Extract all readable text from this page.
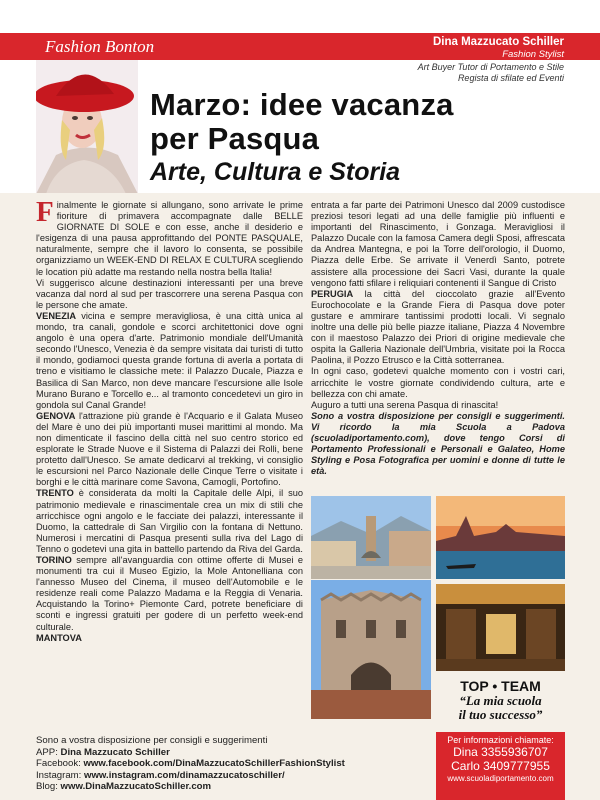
Fashion Bonton	Dina Mazzucato Schiller
Fashion Stylist
Art Buyer Tutor di Portamento e Stile
Regista di sfilate ed Eventi
Marzo: idee vacanza
per Pasqua
Arte, Cultura e Storia

Finalmente le giornate si allungano, sono arrivate le prime fioriture di primavera accompagnate dalle BELLE GIORNATE DI SOLE e con esse, anche il desiderio e l'esigenza di una pausa approfittando del PONTE PASQUALE, naturalmente, sempre che il lavoro lo consenta, se possibile organizziamo un WEEK-END DI RELAX E CULTURA scegliendo le location più adatte ma restando nella nostra bella Italia!

Vi suggerisco alcune destinazioni interessanti per una breve vacanza dal nord al sud per trascorrere una serena Pasqua con le persone che amate.

VENEZIA vicina e sempre meravigliosa, è una città unica al mondo, tra canali, gondole e scorci architettonici dove ogni angolo è una opera d'arte. Patrimonio mondiale dell'Umanità secondo l'Unesco, Venezia è da sempre visitata dai turisti di tutto il mondo, godiamoci questa grande fortuna di averla a portata di treno e visitiamo le classiche mete: il Palazzo Ducale, Piazza e Basilica di San Marco, non deve mancare l'escursione alle Isole Murano Burano e Torcello e... al tramonto concedetevi un giro in gondola sul Canal Grande!

GENOVA l'attrazione più grande è l'Acquario e il Galata Museo del Mare è uno dei più importanti musei marittimi al mondo. Ma non dimenticate il fascino della città nel suo centro storico ed esplorate le Strade Nuove e il Sistema di Palazzi dei Rolli, bene protetto dall'Unesco. Se amate dedicarvi al trekking, vi consiglio le escursioni nel Parco Nazionale delle Cinque Terre o visitate i borghi e le città marinare come Savona, Camogli, Portofino.

TRENTO è considerata da molti la Capitale delle Alpi, il suo patrimonio medievale e rinascimentale crea un mix di stili che arricchisce ogni angolo e le facciate dei palazzi, interessante il Duomo, la cattedrale di San Virgilio con la fontana di Nettuno. Numerosi i mercatini di Pasqua presenti sulla riva del Lago di Tenno o godetevi una gita in battello partendo da Riva del Garda.

TORINO sempre all'avanguardia con ottime offerte di Musei e monumenti tra cui il Museo Egizio, la Mole Antonelliana con l'annesso Museo del Cinema, il museo dell'Automobile e le residenze reali come Palazzo Madama e la Reggia di Venaria. Acquistando la Torino+ Piemonte Card, potrete beneficiare di sconti e ingressi gratuiti per godere di un perfetto week-end culturale.

MANTOVA

entrata a far parte dei Patrimoni Unesco dal 2009 custodisce preziosi tesori legati ad una delle famiglie più influenti e importanti del Rinascimento, i Gonzaga. Meravigliosi il Palazzo Ducale con la famosa Camera degli Sposi, affrescata da Andrea Mantegna, e poi la Torre dell'orologio, il Duomo, Piazza delle Erbe. Se arrivate il Venerdì Santo, potrete assistere alla processione dei Sacri Vasi, durante la quale vengono fatti sfilare i reliquiari contenenti il Sangue di Cristo

PERUGIA la città del cioccolato grazie all'Evento Eurochocolate e la Grande Fiera di Pasqua dove poter gustare e ammirare tantissimi prodotti locali. Vi segnalo inoltre una delle più belle piazze italiane, Piazza 4 Novembre con il maestoso Palazzo dei Priori di origine medievale che ospita la Galleria Nazionale dell'Umbria, visitate poi la Rocca Paolina, il Pozzo Etrusco e la Città sotterranea.

In ogni caso, godetevi qualche momento con i vostri cari, arricchite le vostre giornate condividendo cultura, arte e bellezza con chi amate.

Auguro a tutti una serena Pasqua di rinascita!

Sono a vostra disposizione per consigli e suggerimenti. Vi ricordo la mia Scuola a Padova (scuoladiportamento.com), dove tengo Corsi di Portamento Professionali e Personali e Galateo, Home Styling e Posa Fotografica per uomini e donne di tutte le età.

TOP • TEAM
“La mia scuola
il tuo successo”
Per informazioni chiamate:
Dina 3355936707
Carlo 3409777955
www.scuoladiportamento.com
Sono a vostra disposizione per consigli e suggerimenti
APP: Dina Mazzucato Schiller
Facebook: www.facebook.com/DinaMazzucatoSchillerFashionStylist
Instagram: www.instagram.com/dinamazzucatoschiller/
Blog: www.DinaMazzucatoSchiller.com
